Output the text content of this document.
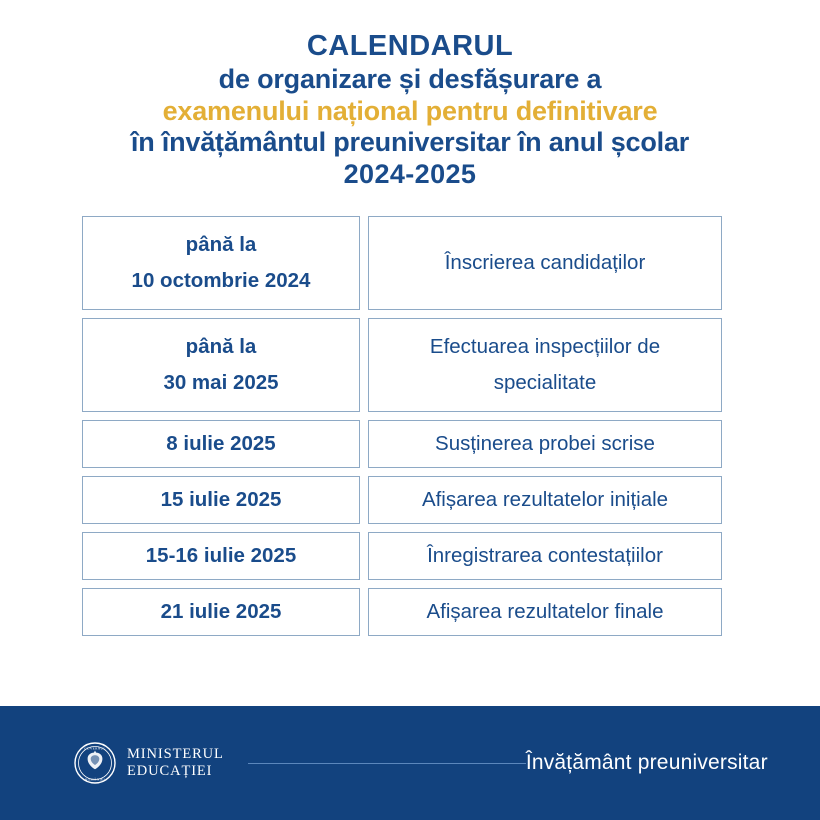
CALENDARUL
de organizare și desfășurare a
examenului național pentru definitivare
în învățământul preuniversitar în anul școlar
2024-2025
până la
10 octombrie 2024	Înscrierea candidaților

până la
30 mai 2025	Efectuarea inspecțiilor de
specialitate

8 iulie 2025	Susținerea probei scrise

15 iulie 2025	Afișarea rezultatelor inițiale

15-16 iulie 2025	Înregistrarea contestațiilor

21 iulie 2025	Afișarea rezultatelor finale
GUVERNUL
ROMÂNIEI
MINISTERUL
EDUCAȚIEI	Învățământ preuniversitar
